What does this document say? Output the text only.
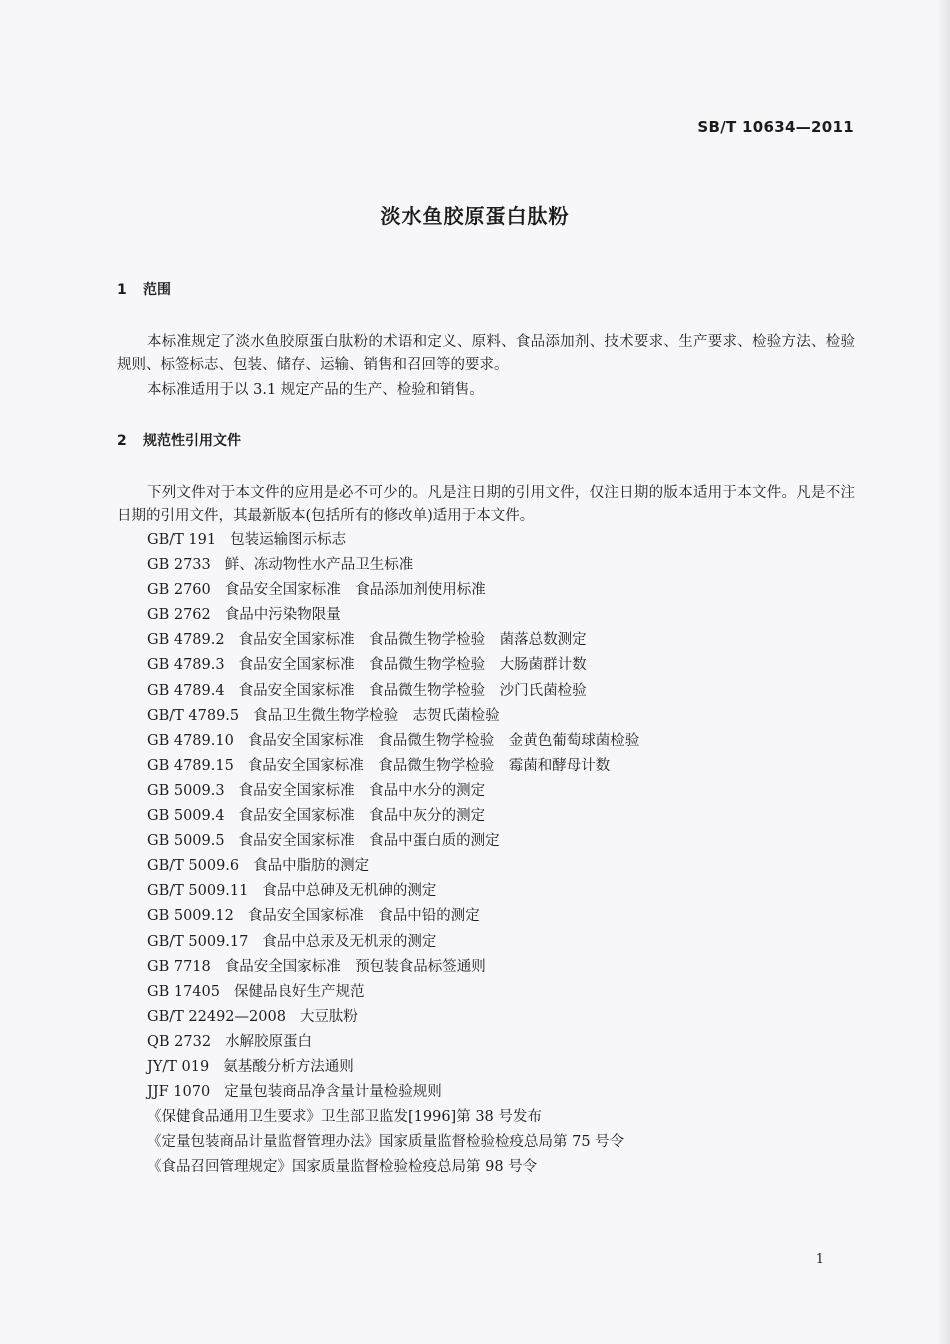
SB/T 10634—2011
淡水鱼胶原蛋白肽粉
1 范围
本标准规定了淡水鱼胶原蛋白肽粉的术语和定义、原料、食品添加剂、技术要求、生产要求、检验方法、检验规则、标签标志、包装、储存、运输、销售和召回等的要求。
本标准适用于以 3.1 规定产品的生产、检验和销售。
2 规范性引用文件
下列文件对于本文件的应用是必不可少的。凡是注日期的引用文件，仅注日期的版本适用于本文件。凡是不注日期的引用文件，其最新版本(包括所有的修改单)适用于本文件。
GB/T 191 包装运输图示标志
GB 2733 鲜、冻动物性水产品卫生标准
GB 2760 食品安全国家标准　食品添加剂使用标准
GB 2762 食品中污染物限量
GB 4789.2 食品安全国家标准　食品微生物学检验　菌落总数测定
GB 4789.3 食品安全国家标准　食品微生物学检验　大肠菌群计数
GB 4789.4 食品安全国家标准　食品微生物学检验　沙门氏菌检验
GB/T 4789.5 食品卫生微生物学检验　志贺氏菌检验
GB 4789.10 食品安全国家标准　食品微生物学检验　金黄色葡萄球菌检验
GB 4789.15 食品安全国家标准　食品微生物学检验　霉菌和酵母计数
GB 5009.3 食品安全国家标准　食品中水分的测定
GB 5009.4 食品安全国家标准　食品中灰分的测定
GB 5009.5 食品安全国家标准　食品中蛋白质的测定
GB/T 5009.6 食品中脂肪的测定
GB/T 5009.11 食品中总砷及无机砷的测定
GB 5009.12 食品安全国家标准　食品中铅的测定
GB/T 5009.17 食品中总汞及无机汞的测定
GB 7718 食品安全国家标准　预包装食品标签通则
GB 17405 保健品良好生产规范
GB/T 22492—2008 大豆肽粉
QB 2732 水解胶原蛋白
JY/T 019 氨基酸分析方法通则
JJF 1070 定量包装商品净含量计量检验规则
《保健食品通用卫生要求》卫生部卫监发[1996]第 38 号发布
《定量包装商品计量监督管理办法》国家质量监督检验检疫总局第 75 号令
《食品召回管理规定》国家质量监督检验检疫总局第 98 号令
1
